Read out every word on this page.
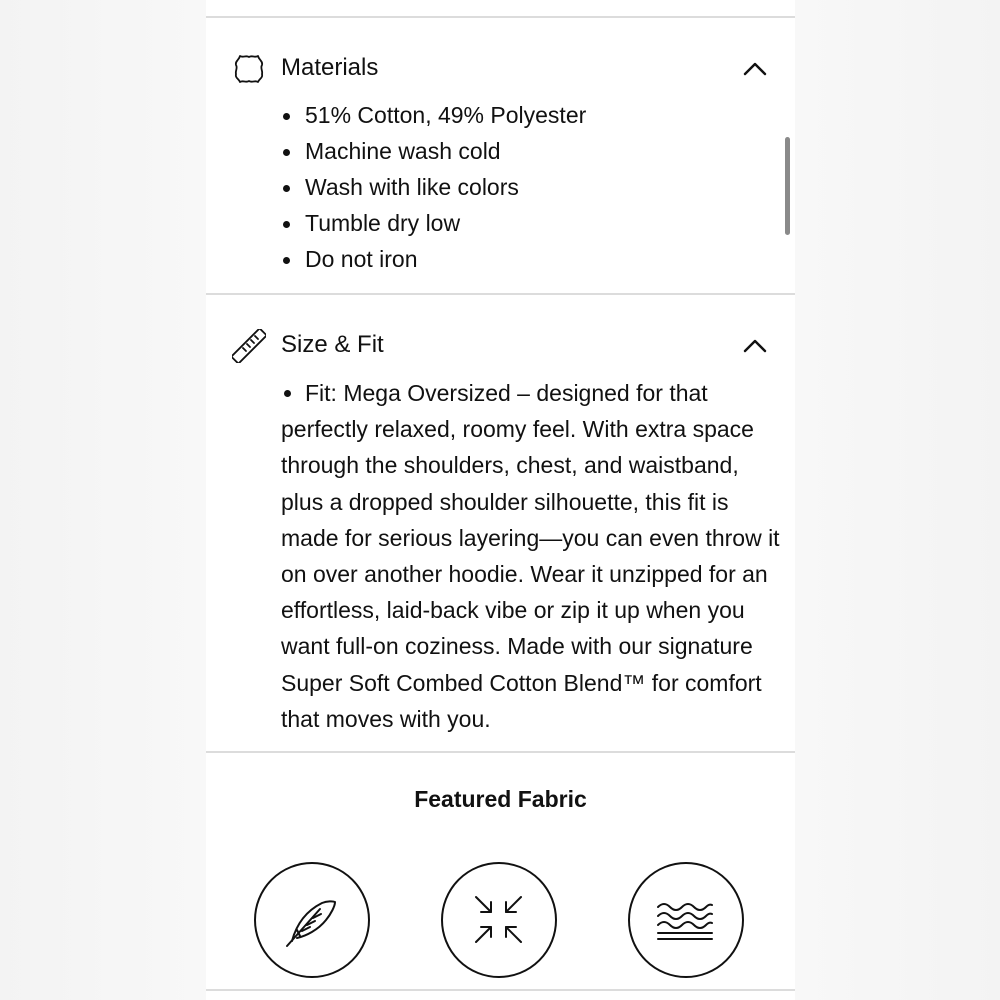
Materials
51% Cotton, 49% Polyester
Machine wash cold
Wash with like colors
Tumble dry low
Do not iron
Size & Fit
Fit: Mega Oversized – designed for that perfectly relaxed, roomy feel. With extra space through the shoulders, chest, and waistband, plus a dropped shoulder silhouette, this fit is made for serious layering—you can even throw it on over another hoodie. Wear it unzipped for an effortless, laid-back vibe or zip it up when you want full-on coziness. Made with our signature Super Soft Combed Cotton Blend™ for comfort that moves with you.
Featured Fabric
